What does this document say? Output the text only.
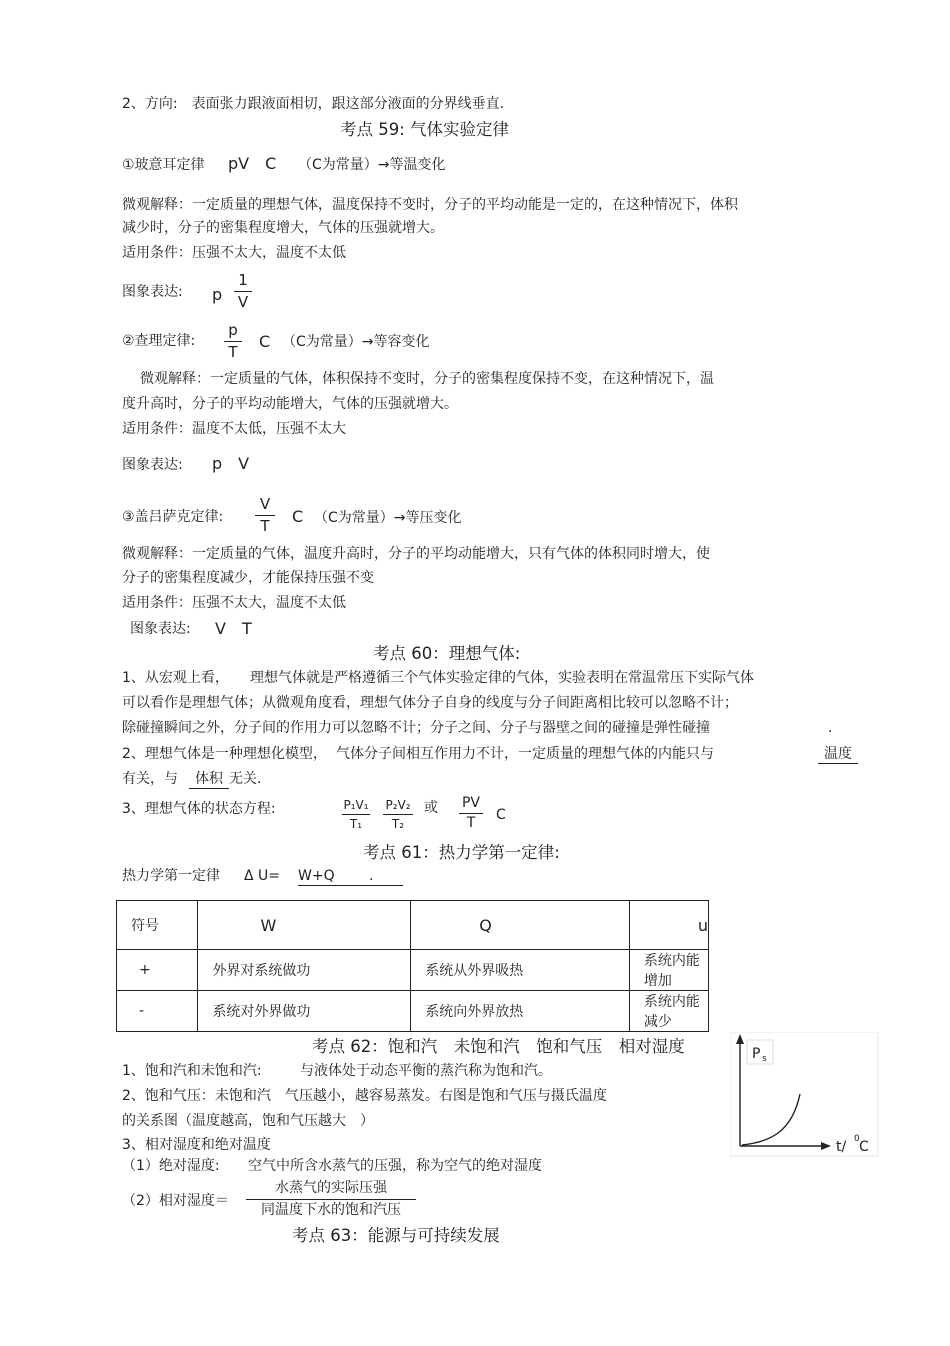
2、方向:　表面张力跟液面相切，跟这部分液面的分界线垂直.
考点 59: 气体实验定律
①玻意耳定律 pV　C （C为常量）→等温变化
微观解释：一定质量的理想气体，温度保持不变时，分子的平均动能是一定的，在这种情况下，体积
减少时，分子的密集程度增大，气体的压强就增大。
适用条件：压强不太大，温度不太低
图象表达: p
1
V
②查理定律:
p
T
C （C为常量）→等容变化
微观解释：一定质量的气体，体积保持不变时，分子的密集程度保持不变，在这种情况下，温
度升高时，分子的平均动能增大，气体的压强就增大。
适用条件：温度不太低，压强不太大
图象表达: p　V
③盖吕萨克定律:
V
T	C （C为常量）→等压变化
微观解释：一定质量的气体，温度升高时，分子的平均动能增大，只有气体的体积同时增大，使
分子的密集程度减少，才能保持压强不变
适用条件：压强不太大，温度不太低
图象表达: V　T
考点 60：理想气体:
1、从宏观上看， 理想气体就是严格遵循三个气体实验定律的气体，实验表明在常温常压下实际气体
可以看作是理想气体；从微观角度看，理想气体分子自身的线度与分子间距离相比较可以忽略不计；
除碰撞瞬间之外，分子间的作用力可以忽略不计；分子之间、分子与器壁之间的碰撞是弹性碰撞	.
2、理想气体是一种理想化模型， 气体分子间相互作用力不计，一定质量的理想气体的内能只与	温度
有关，与	体积 无关.
3、理想气体的状态方程:	P₁V₁
T₁
P₂V₂
T₂
或 PV
T	C
考点 61：热力学第一定律:
热力学第一定律 Δ U= W+Q .
符号	W	Q	u
+	外界对系统做功	系统从外界吸热	系统内能增加
-	系统对外界做功	系统向外界放热	系统内能减少
考点 62：饱和汽　未饱和汽　饱和气压　相对湿度
1、饱和汽和未饱和汽:	与液体处于动态平衡的蒸汽称为饱和汽。
2、饱和气压：未饱和汽　气压越小，越容易蒸发。右图是饱和气压与摄氏温度
的关系图（温度越高，饱和气压越大　）
3、相对湿度和绝对温度
（1）绝对湿度: 空气中所含水蒸气的压强，称为空气的绝对湿度
（2）相对湿度＝
水蒸气的实际压强
同温度下水的饱和汽压
P s
t/ 0 C
考点 63：能源与可持续发展
